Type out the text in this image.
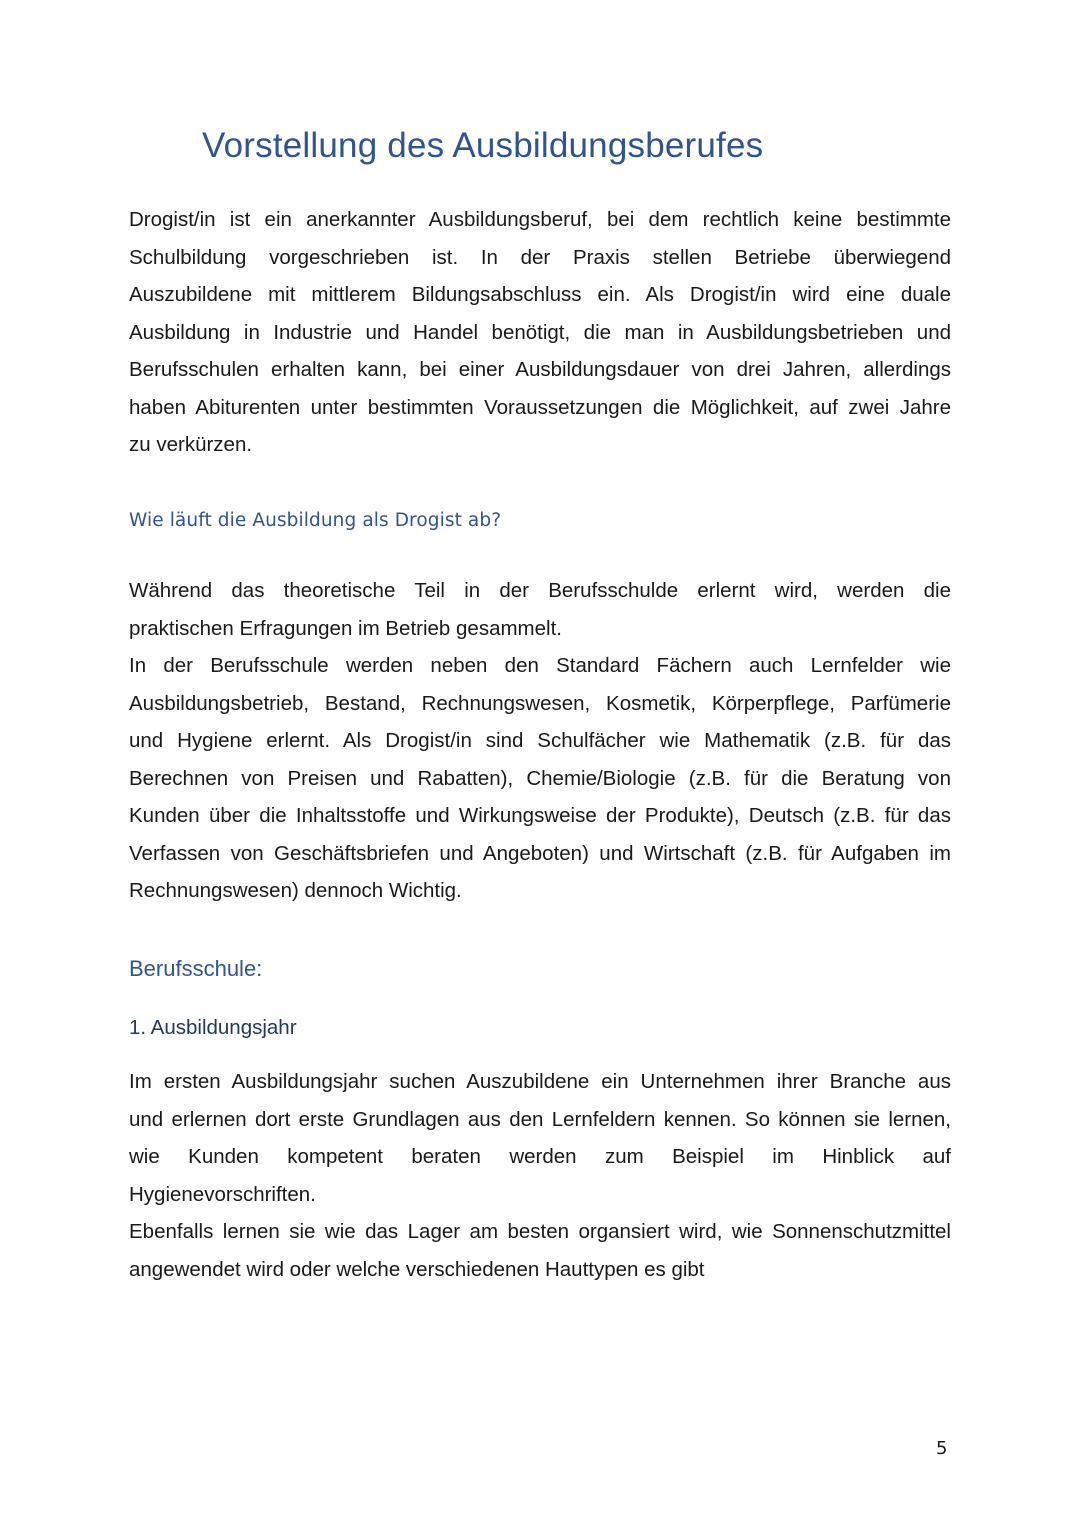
Vorstellung des Ausbildungsberufes
Drogist/in ist ein anerkannter Ausbildungsberuf, bei dem rechtlich keine bestimmte
Schulbildung vorgeschrieben ist. In der Praxis stellen Betriebe überwiegend
Auszubildene mit mittlerem Bildungsabschluss ein. Als Drogist/in wird eine duale
Ausbildung in Industrie und Handel benötigt, die man in Ausbildungsbetrieben und
Berufsschulen erhalten kann, bei einer Ausbildungsdauer von drei Jahren, allerdings
haben Abiturenten unter bestimmten Voraussetzungen die Möglichkeit, auf zwei Jahre
zu verkürzen.
Wie läuft die Ausbildung als Drogist ab?
Während das theoretische Teil in der Berufsschulde erlernt wird, werden die
praktischen Erfragungen im Betrieb gesammelt.
In der Berufsschule werden neben den Standard Fächern auch Lernfelder wie
Ausbildungsbetrieb, Bestand, Rechnungswesen, Kosmetik, Körperpflege, Parfümerie
und Hygiene erlernt. Als Drogist/in sind Schulfächer wie Mathematik (z.B. für das
Berechnen von Preisen und Rabatten), Chemie/Biologie (z.B. für die Beratung von
Kunden über die Inhaltsstoffe und Wirkungsweise der Produkte), Deutsch (z.B. für das
Verfassen von Geschäftsbriefen und Angeboten) und Wirtschaft (z.B. für Aufgaben im
Rechnungswesen) dennoch Wichtig.
Berufsschule:
1. Ausbildungsjahr
Im ersten Ausbildungsjahr suchen Auszubildene ein Unternehmen ihrer Branche aus
und erlernen dort erste Grundlagen aus den Lernfeldern kennen. So können sie lernen,
wie Kunden kompetent beraten werden zum Beispiel im Hinblick auf
Hygienevorschriften.
Ebenfalls lernen sie wie das Lager am besten organsiert wird, wie Sonnenschutzmittel
angewendet wird oder welche verschiedenen Hauttypen es gibt
5
